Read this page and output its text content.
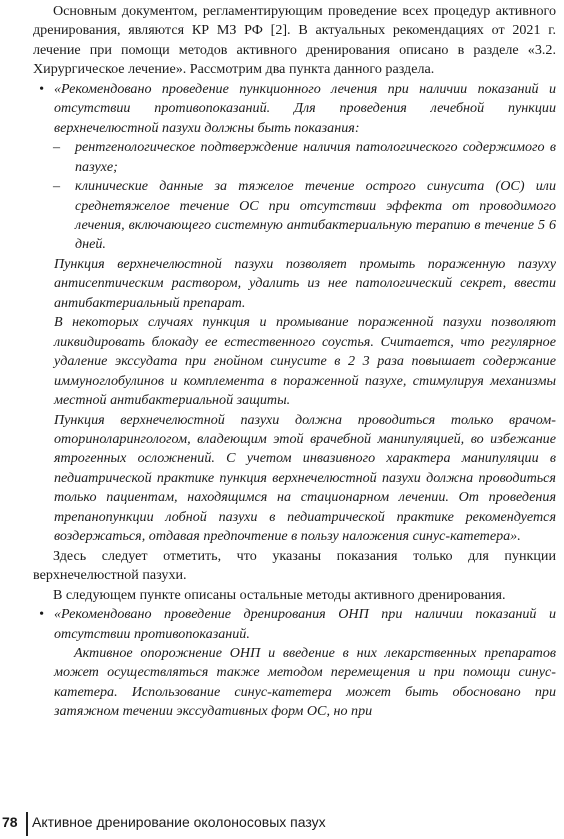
Основным документом, регламентирующим проведение всех процедур активного дренирования, являются КР МЗ РФ [2]. В актуальных рекомендациях от 2021 г. лечение при помощи методов активного дренирования описано в разделе «3.2. Хирургическое лечение». Рассмотрим два пункта данного раздела.

• «Рекомендовано проведение пункционного лечения при наличии показаний и отсутствии противопоказаний. Для проведения лечебной пункции верхнечелюстной пазухи должны быть показания:

– рентгенологическое подтверждение наличия патологического содержимого в пазухе;

– клинические данные за тяжелое течение острого синусита (ОС) или среднетяжелое течение ОС при отсутствии эффекта от проводимого лечения, включающего системную антибактериальную терапию в течение 5 6 дней.

Пункция верхнечелюстной пазухи позволяет промыть пораженную пазуху антисептическим раствором, удалить из нее патологический секрет, ввести антибактериальный препарат.

В некоторых случаях пункция и промывание пораженной пазухи позволяют ликвидировать блокаду ее естественного соустья. Считается, что регулярное удаление экссудата при гнойном синусите в 2 3 раза повышает содержание иммуноглобулинов и комплемента в пораженной пазухе, стимулируя механизмы местной антибактериальной защиты.

Пункция верхнечелюстной пазухи должна проводиться только врачом-оториноларингологом, владеющим этой врачебной манипуляцией, во избежание ятрогенных осложнений. С учетом инвазивного характера манипуляции в педиатрической практике пункция верхнечелюстной пазухи должна проводиться только пациентам, находящимся на стационарном лечении. От проведения трепанопункции лобной пазухи в педиатрической практике рекомендуется воздержаться, отдавая предпочтение в пользу наложения синус-катетера».

Здесь следует отметить, что указаны показания только для пункции верхнечелюстной пазухи.

В следующем пункте описаны остальные методы активного дренирования.

• «Рекомендовано проведение дренирования ОНП при наличии показаний и отсутствии противопоказаний.

Активное опорожнение ОНП и введение в них лекарственных препаратов может осуществляться также методом перемещения и при помощи синус-катетера. Использование синус-катетера может быть обосновано при затяжном течении экссудативных форм ОС, но при

78 Активное дренирование околоносовых пазух
